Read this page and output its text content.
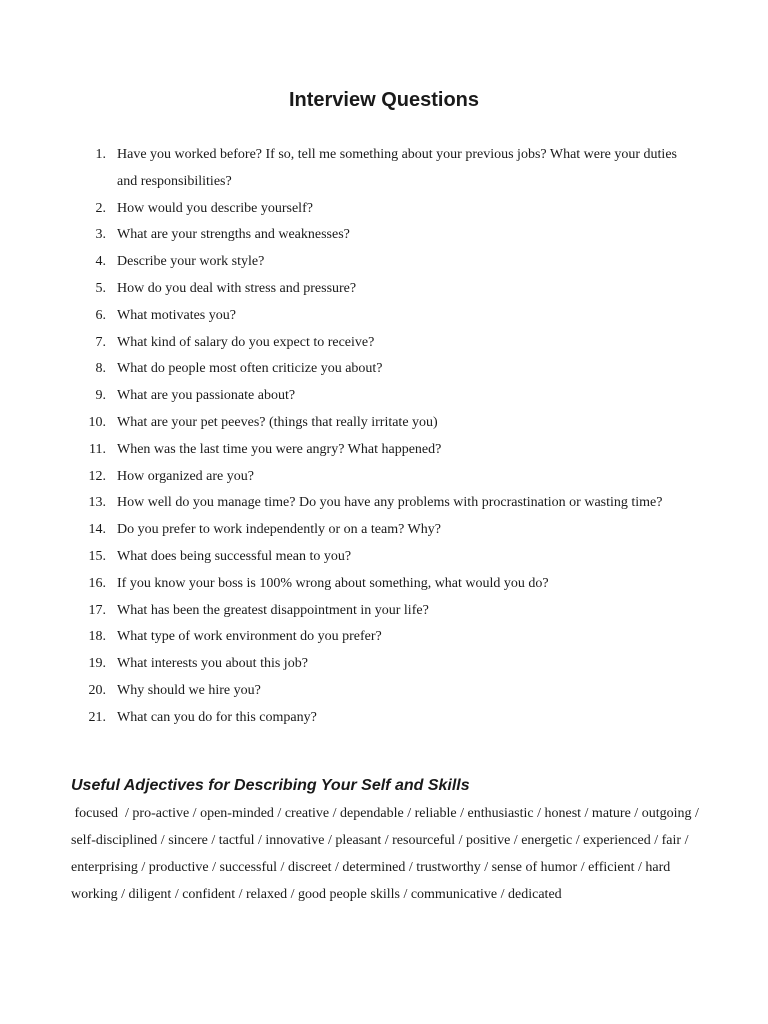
Interview Questions
1. Have you worked before? If so, tell me something about your previous jobs? What were your duties and responsibilities?
2. How would you describe yourself?
3. What are your strengths and weaknesses?
4. Describe your work style?
5. How do you deal with stress and pressure?
6. What motivates you?
7. What kind of salary do you expect to receive?
8. What do people most often criticize you about?
9. What are you passionate about?
10. What are your pet peeves? (things that really irritate you)
11. When was the last time you were angry? What happened?
12. How organized are you?
13. How well do you manage time? Do you have any problems with procrastination or wasting time?
14. Do you prefer to work independently or on a team? Why?
15. What does being successful mean to you?
16. If you know your boss is 100% wrong about something, what would you do?
17. What has been the greatest disappointment in your life?
18. What type of work environment do you prefer?
19. What interests you about this job?
20. Why should we hire you?
21. What can you do for this company?
Useful Adjectives for Describing Your Self and Skills

focused  / pro-active / open-minded / creative / dependable / reliable / enthusiastic / honest / mature / outgoing / self-disciplined / sincere / tactful / innovative / pleasant / resourceful / positive / energetic / experienced / fair / enterprising / productive / successful / discreet / determined / trustworthy / sense of humor / efficient / hard working / diligent / confident / relaxed / good people skills / communicative / dedicated
